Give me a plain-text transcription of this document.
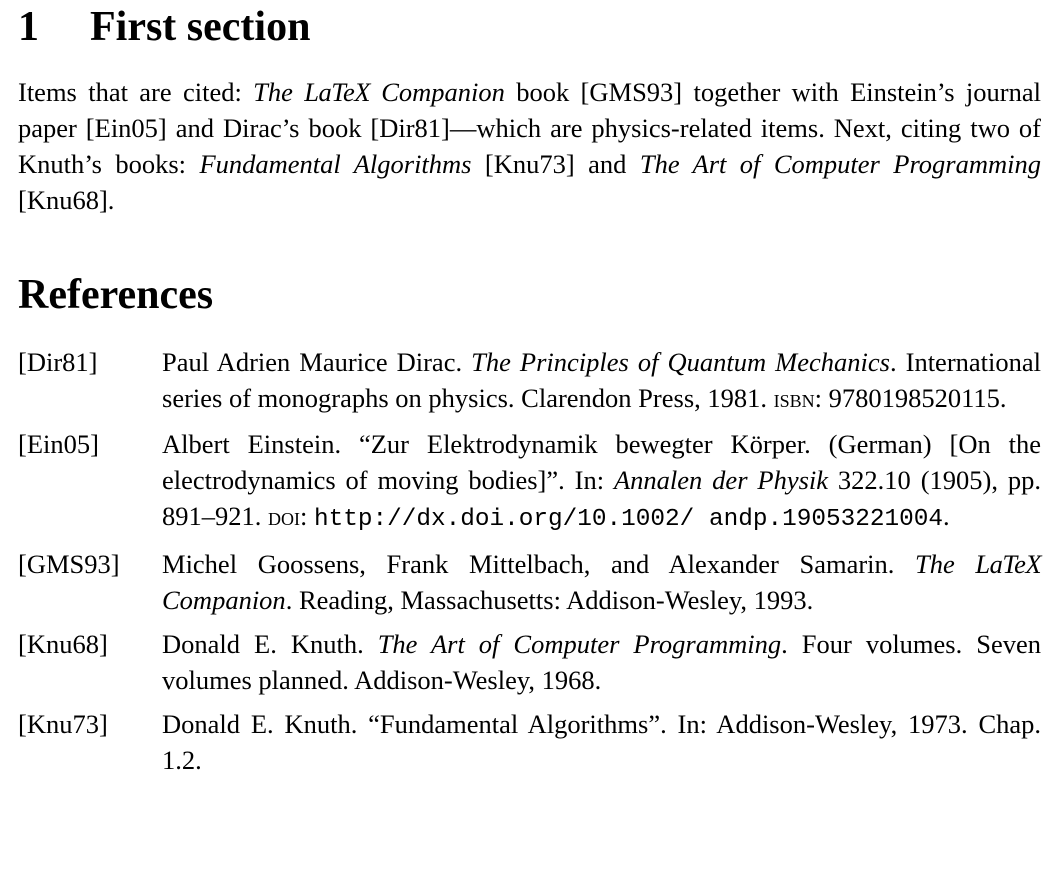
1 First section

Items that are cited: The LaTeX Companion book [GMS93] together with Einstein’s journal paper [Ein05] and Dirac’s book [Dir81]—which are physics-related items. Next, citing two of Knuth’s books: Fundamental Algorithms [Knu73] and The Art of Computer Programming [Knu68].

References
[Dir81]	Paul Adrien Maurice Dirac. The Principles of Quantum Mechanics. International series of monographs on physics. Clarendon Press, 1981. isbn: 9780198520115.
[Ein05]	Albert Einstein. “Zur Elektrodynamik bewegter Körper. (German) [On the electrodynamics of moving bodies]”. In: Annalen der Physik 322.10 (1905), pp. 891–921. doi: http://dx.doi.org/10.1002/ andp.19053221004.
[GMS93]	Michel Goossens, Frank Mittelbach, and Alexander Samarin. The LaTeX Companion. Reading, Massachusetts: Addison-Wesley, 1993.
[Knu68]	Donald E. Knuth. The Art of Computer Programming. Four volumes. Seven volumes planned. Addison-Wesley, 1968.
[Knu73]	Donald E. Knuth. “Fundamental Algorithms”. In: Addison-Wesley, 1973. Chap. 1.2.
